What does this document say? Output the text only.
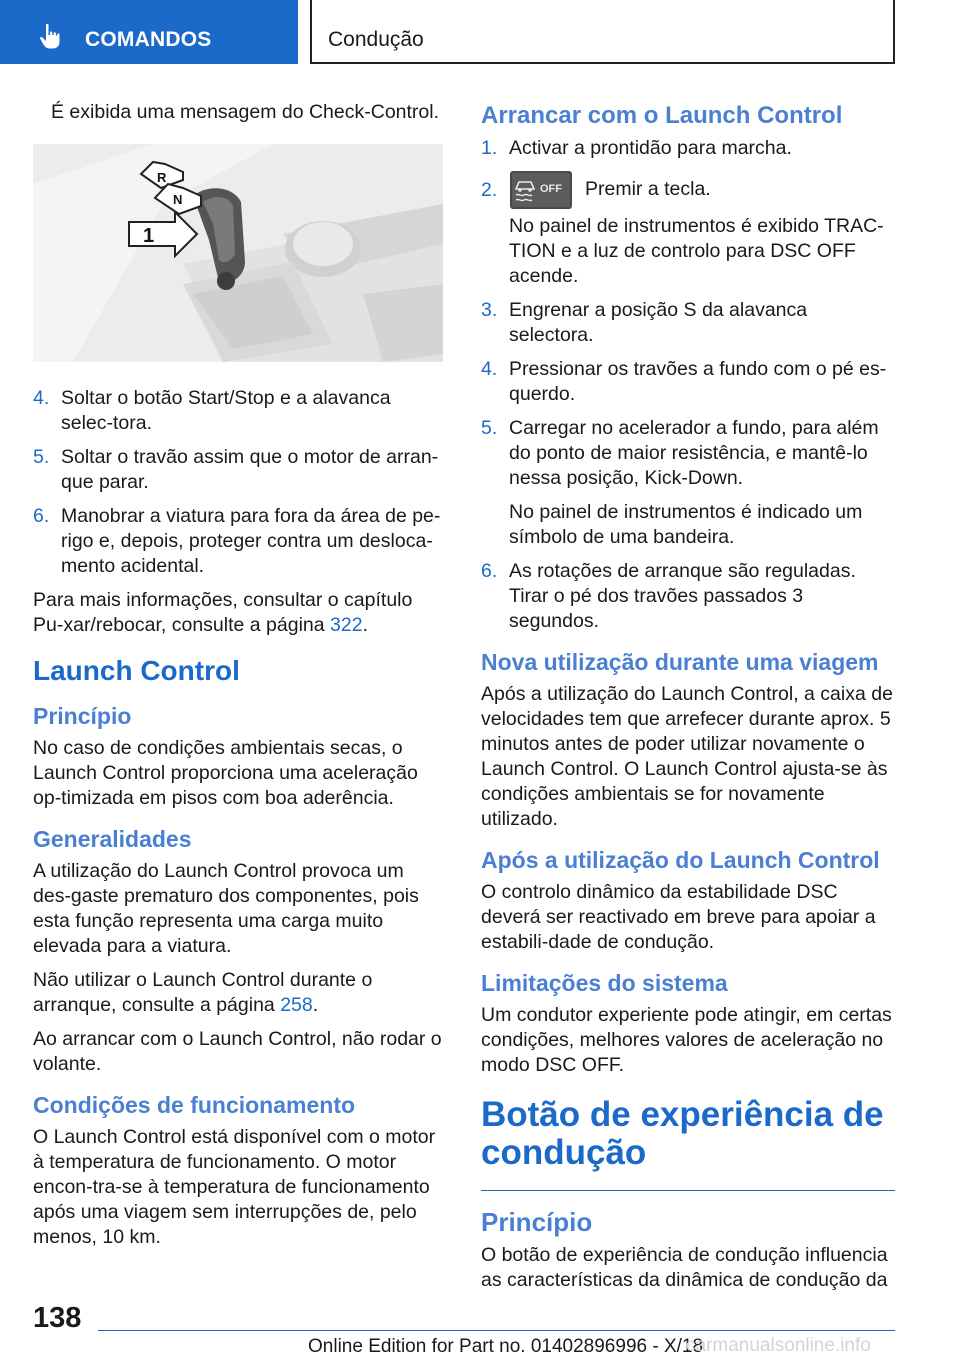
COMANDOS	Condução

É exibida uma mensagem do Check-Control.

R
N
1
4. Soltar o botão Start/Stop e a alavanca selec-tora.
5. Soltar o travão assim que o motor de arran-que parar.
6. Manobrar a viatura para fora da área de pe-rigo e, depois, proteger contra um desloca-mento acidental.

Para mais informações, consultar o capítulo Pu-xar/rebocar, consulte a página 322.

Launch Control
Princípio

No caso de condições ambientais secas, o Launch Control proporciona uma aceleração op-timizada em pisos com boa aderência.

Generalidades

A utilização do Launch Control provoca um des-gaste prematuro dos componentes, pois esta função representa uma carga muito elevada para a viatura.

Não utilizar o Launch Control durante o arranque, consulte a página 258.

Ao arrancar com o Launch Control, não rodar o volante.

Condições de funcionamento

O Launch Control está disponível com o motor à temperatura de funcionamento. O motor encon-tra-se à temperatura de funcionamento após uma viagem sem interrupções de, pelo menos, 10 km.

Arrancar com o Launch Control
1. Activar a prontidão para marcha.
2.	OFF Premir a tecla.

No painel de instrumentos é exibido TRAC-TION e a luz de controlo para DSC OFF acende.

3. Engrenar a posição S da alavanca selectora.
4. Pressionar os travões a fundo com o pé es-querdo.
5. Carregar no acelerador a fundo, para além do ponto de maior resistência, e mantê-lo nessa posição, Kick-Down.

No painel de instrumentos é indicado um símbolo de uma bandeira.

6. As rotações de arranque são reguladas. Tirar o pé dos travões passados 3 segundos.
Nova utilização durante uma viagem

Após a utilização do Launch Control, a caixa de velocidades tem que arrefecer durante aprox. 5 minutos antes de poder utilizar novamente o Launch Control. O Launch Control ajusta-se às condições ambientais se for novamente utilizado.

Após a utilização do Launch Control

O controlo dinâmico da estabilidade DSC deverá ser reactivado em breve para apoiar a estabili-dade de condução.

Limitações do sistema

Um condutor experiente pode atingir, em certas condições, melhores valores de aceleração no modo DSC OFF.

Botão de experiência de condução
Princípio

O botão de experiência de condução influencia as características da dinâmica de condução da

138
Online Edition for Part no. 01402896996 - X/18
carmanualsonline.info
